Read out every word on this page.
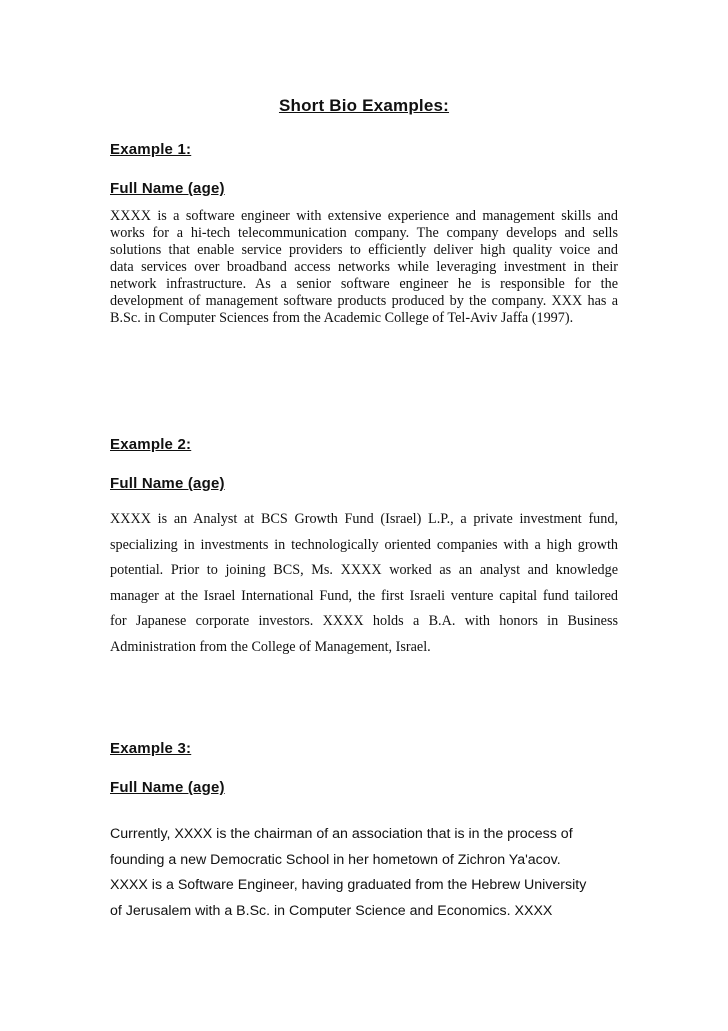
Short Bio Examples:
Example 1:
Full Name (age)
XXXX is a software engineer with extensive experience and management skills and
works for a hi-tech telecommunication company. The company develops and sells
solutions that enable service providers to efficiently deliver high quality voice and
data services over broadband access networks while leveraging investment in their
network infrastructure. As a senior software engineer he is responsible for the
development of management software products produced by the company. XXX has a
B.Sc. in Computer Sciences from the Academic College of Tel-Aviv Jaffa (1997).
Example 2:
Full Name (age)
XXXX is an Analyst at BCS Growth Fund (Israel) L.P., a private investment fund,
specializing in investments in technologically oriented companies with a high growth
potential. Prior to joining BCS, Ms. XXXX worked as an analyst and knowledge
manager at the Israel International Fund, the first Israeli venture capital fund tailored
for Japanese corporate investors. XXXX holds a B.A. with honors in Business
Administration from the College of Management, Israel.
Example 3:
Full Name (age)
Currently, XXXX is the chairman of an association that is in the process of
founding a new Democratic School in her hometown of Zichron Ya'acov.
XXXX is a Software Engineer, having graduated from the Hebrew University
of Jerusalem with a B.Sc. in Computer Science and Economics. XXXX
